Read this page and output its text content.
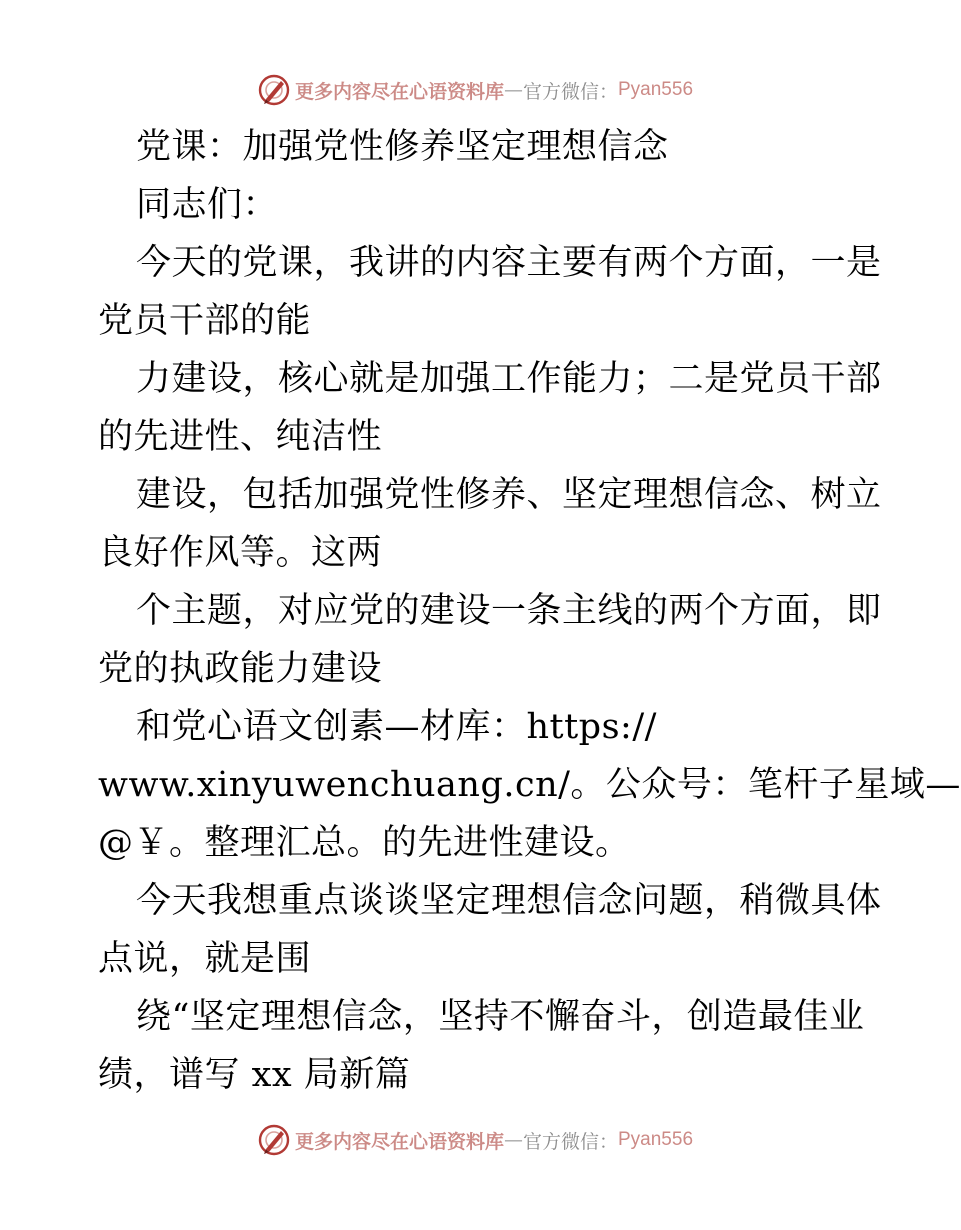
更多内容尽在心语资料库 — 官方微信： Pyan556
党课：加强党性修养坚定理想信念
同志们：
今天的党课，我讲的内容主要有两个方面，一是
党员干部的能
力建设，核心就是加强工作能力；二是党员干部
的先进性、纯洁性
建设，包括加强党性修养、坚定理想信念、树立
良好作风等。这两
个主题，对应党的建设一条主线的两个方面，即
党的执政能力建设
和党心语文创素—材库：https://
www.xinyuwenchuang.cn/。公众号：笔杆子星域—
@￥。整理汇总。的先进性建设。
今天我想重点谈谈坚定理想信念问题，稍微具体
点说，就是围
绕“坚定理想信念，坚持不懈奋斗，创造最佳业
绩，谱写 xx 局新篇
更多内容尽在心语资料库 — 官方微信： Pyan556
